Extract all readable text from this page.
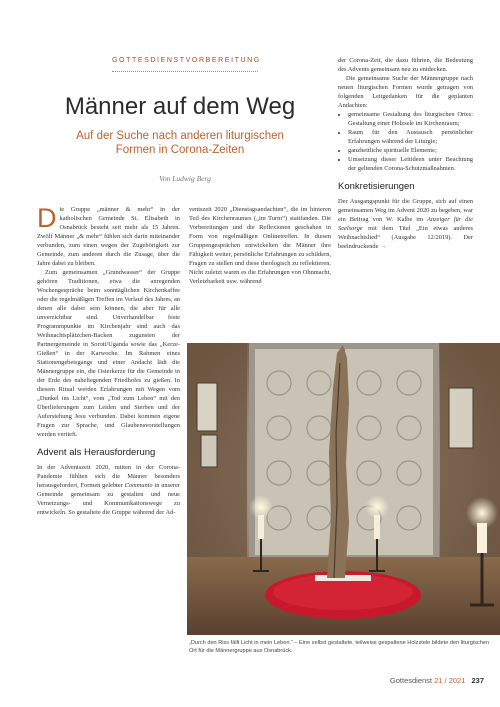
GOTTESDIENSTVORBEREITUNG
Männer auf dem Weg

Auf der Suche nach anderen liturgischen Formen in Corona-Zeiten

Von Ludwig Berg

Die Gruppe „männer & mehr“ in der katholischen Gemeinde St. Elisabeth in Osnabrück besteht seit mehr als 15 Jahren. Zwölf Männer „& mehr“ fühlen sich darin miteinander verbunden, zum einen wegen der Zugehörigkeit zur Gemeinde, zum anderen durch die Zusage, über die Jahre dabei zu bleiben.

Zum gemeinsamen „Grundwasser“ der Gruppe gehören Traditionen, etwa die anregenden Wochengespräche beim sonntäglichen Kirchenkaffee oder die regelmäßigen Treffen im Verlauf des Jahres, an denen alle dabei sein können, die aber für alle unverzichtbar sind. Unverhandelbar feste Programmpunkte im Kirchenjahr sind auch das Weihnachtsplätzchen-Backen zugunsten der Partnergemeinde in Soroti/Uganda sowie das „Kerze-Gießen“ in der Karwoche. Im Rahmen eines Stationengebetsgangs und einer Andacht lädt die Männergruppe ein, die Osterkerze für die Gemeinde in der Erde des naheliegenden Friedhofes zu gießen. In diesem Ritual werden Erfahrungen mit Wegen vom „Dunkel ins Licht“, vom „Tod zum Leben“ mit den Überlieferungen zum Leiden und Sterben und der Auferstehung Jesu verbunden. Dabei kommen eigene Fragen zur Sprache, und Glaubensvorstellungen werden vertieft.

Advent als Herausforderung

In der Adventszeit 2020, mitten in der Corona-Pandemie fühlten sich die Männer besonders herausgefordert, Formen gelebter Communio in unserer Gemeinde gemeinsam zu gestalten und neue Vernetzungs- und Kommunikationswege zu entwickeln. So gestaltete die Gruppe während der Ad-

ventszeit 2020 „Dienstagsandachten“, die im hinteren Teil des Kirchenraumes („im Turm“) stattfanden. Die Vorbereitungen und die Reflexionen geschahen in Form von regelmäßigen Onlinetreffen. In diesen Gruppengesprächen entwickelten die Männer ihre Fähigkeit weiter, persönliche Erfahrungen zu schildern, Fragen zu stellen und diese theologisch zu reflektieren. Nicht zuletzt waren es die Erfahrungen von Ohnmacht, Verletzbarkeit usw. während

der Corona-Zeit, die dazu führten, die Bedeutung des Advents gemeinsam neu zu entdecken.

Die gemeinsame Suche der Männergruppe nach neuen liturgischen Formen wurde getragen von folgenden Leitgedanken für die geplanten Andachten:

• gemeinsame Gestaltung des liturgischen Ortes: Gestaltung einer Holzsele im Kirchenraum;
• Raum für den Austausch persönlicher Erfahrungen während der Liturgie;
• ganzheitliche spirituelle Elemente;
• Umsetzung dieser Leitideen unter Beachtung der geltenden Corona-Schutzmaßnahmen.
Konkretisierungen

Der Ausgangspunkt für die Gruppe, sich auf einen gemeinsamen Weg im Advent 2020 zu begeben, war ein Beitrag von W. Kalbe im Anzeiger für die Seelsorge mit dem Titel „Ein etwas anderes Weihnachtslied“ (Ausgabe 12/2019). Der beeindruckende →

„Durch den Riss fällt Licht in mein Leben.“ – Eine selbst gestaltete, teilweise gespaltene Holzstele bildete den liturgischen Ort für die Männergruppe aus Osnabrück.
Gottesdienst 21 / 2021 237
